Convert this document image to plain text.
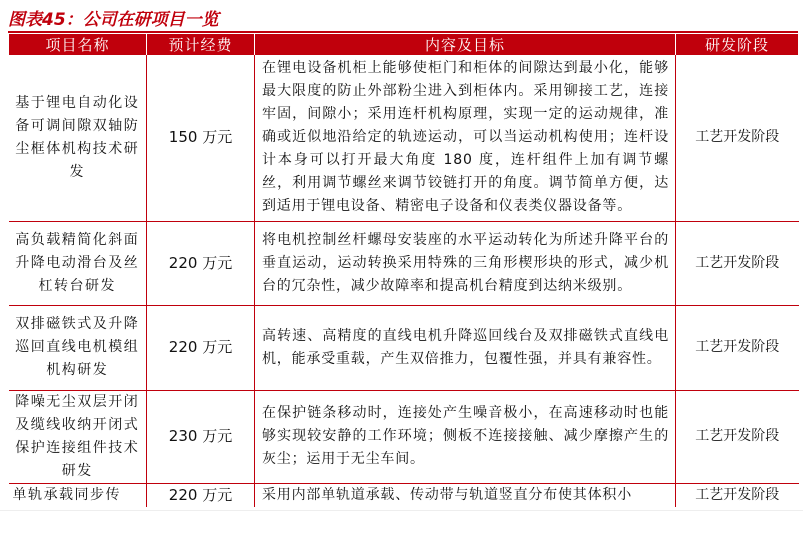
图表45：公司在研项目一览
项目名称	预计经费	内容及目标	研发阶段
基于锂电自动化设备可调间隙双轴防尘框体机构技术研发	150 万元	在锂电设备机柜上能够使柜门和柜体的间隙达到最小化，能够最大限度的防止外部粉尘进入到柜体内。采用铆接工艺，连接牢固，间隙小；采用连杆机构原理，实现一定的运动规律，准确或近似地沿给定的轨迹运动，可以当运动机构使用；连杆设计本身可以打开最大角度 180 度，连杆组件上加有调节螺丝，利用调节螺丝来调节铰链打开的角度。调节简单方便，达到适用于锂电设备、精密电子设备和仪表类仪器设备等。	工艺开发阶段
高负载精简化斜面升降电动滑台及丝杠转台研发	220 万元	将电机控制丝杆螺母安装座的水平运动转化为所述升降平台的垂直运动，运动转换采用特殊的三角形楔形块的形式，减少机台的冗杂性，减少故障率和提高机台精度到达纳米级别。	工艺开发阶段
双排磁铁式及升降巡回直线电机模组机构研发	220 万元	高转速、高精度的直线电机升降巡回线台及双排磁铁式直线电机，能承受重载，产生双倍推力，包覆性强，并具有兼容性。	工艺开发阶段
降噪无尘双层开闭及缆线收纳开闭式保护连接组件技术研发	230 万元	在保护链条移动时，连接处产生噪音极小，在高速移动时也能够实现较安静的工作环境；侧板不连接接触、减少摩擦产生的灰尘；运用于无尘车间。	工艺开发阶段
单轨承载同步传	220 万元	采用内部单轨道承载、传动带与轨道竖直分布使其体积小	工艺开发阶段
